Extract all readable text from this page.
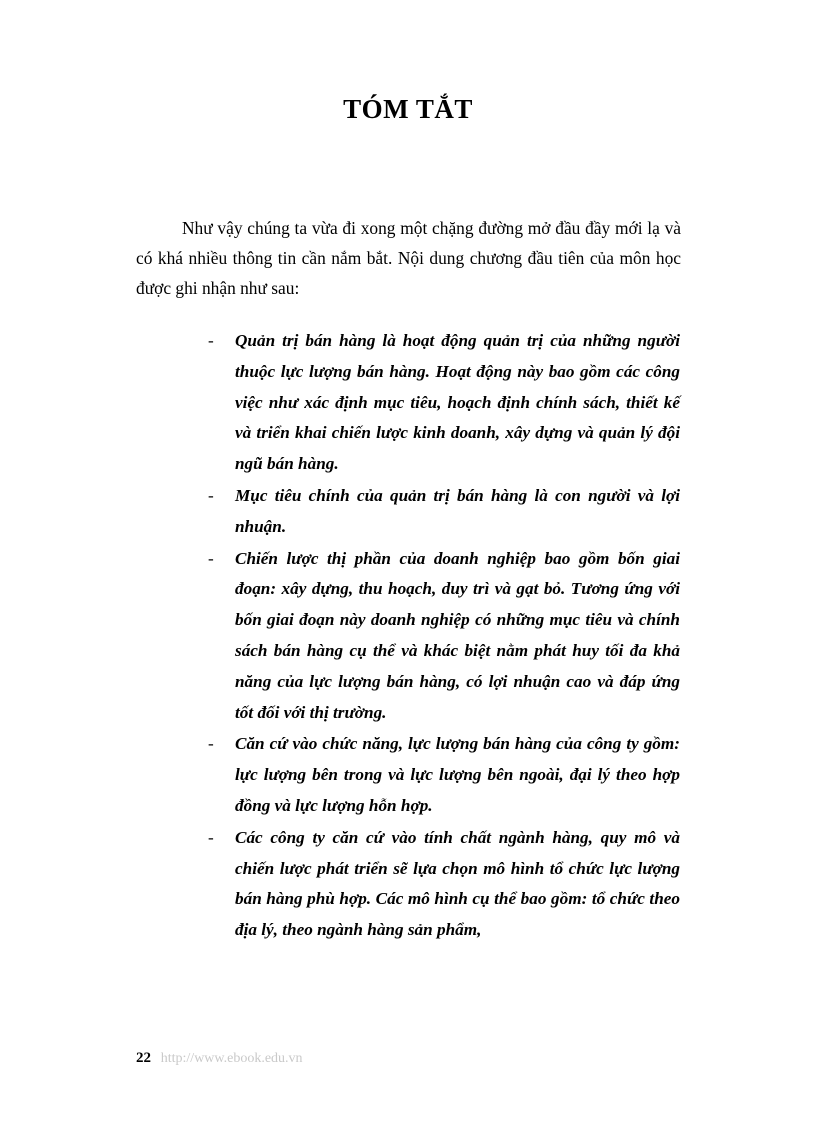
TÓM TẮT

Như vậy chúng ta vừa đi xong một chặng đường mở đầu đầy mới lạ và có khá nhiều thông tin cần nắm bắt. Nội dung chương đầu tiên của môn học được ghi nhận như sau:

- Quản trị bán hàng là hoạt động quản trị của những người thuộc lực lượng bán hàng. Hoạt động này bao gồm các công việc như xác định mục tiêu, hoạch định chính sách, thiết kế và triển khai chiến lược kinh doanh, xây dựng và quản lý đội ngũ bán hàng.
- Mục tiêu chính của quản trị bán hàng là con người và lợi nhuận.
- Chiến lược thị phần của doanh nghiệp bao gồm bốn giai đoạn: xây dựng, thu hoạch, duy trì và gạt bỏ. Tương ứng với bốn giai đoạn này doanh nghiệp có những mục tiêu và chính sách bán hàng cụ thể và khác biệt nằm phát huy tối đa khả năng của lực lượng bán hàng, có lợi nhuận cao và đáp ứng tốt đối với thị trường.
- Căn cứ vào chức năng, lực lượng bán hàng của công ty gồm: lực lượng bên trong và lực lượng bên ngoài, đại lý theo hợp đồng và lực lượng hỗn hợp.
- Các công ty căn cứ vào tính chất ngành hàng, quy mô và chiến lược phát triển sẽ lựa chọn mô hình tổ chức lực lượng bán hàng phù hợp. Các mô hình cụ thể bao gồm: tổ chức theo địa lý, theo ngành hàng sản phẩm,
22 http://www.ebook.edu.vn
